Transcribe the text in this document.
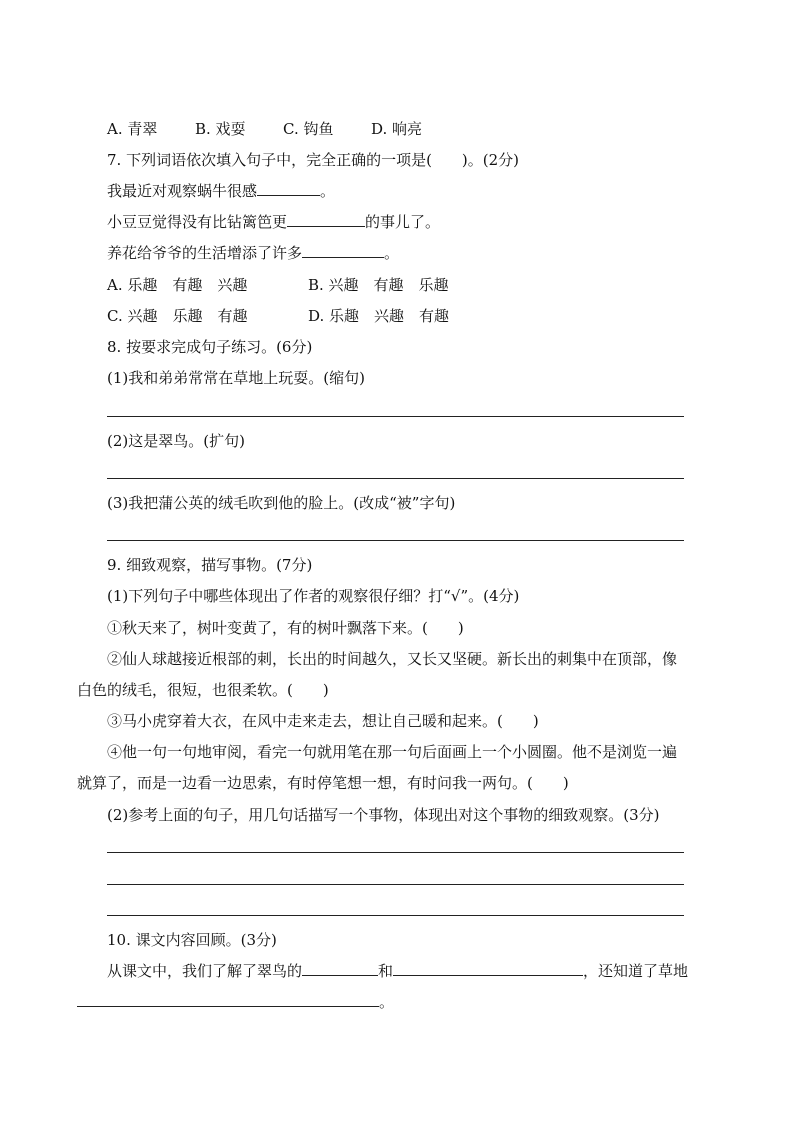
A. 青翠	B. 戏耍 C. 钩鱼	D. 响亮
7. 下列词语依次填入句子中，完全正确的一项是(　　)。(2分)
我最近对观察蜗牛很感	。
小豆豆觉得没有比钻篱笆更	的事儿了。
养花给爷爷的生活增添了许多	。
A. 乐趣　有趣　兴趣	B. 兴趣　有趣　乐趣
C. 兴趣　乐趣　有趣	D. 乐趣　兴趣　有趣
8. 按要求完成句子练习。(6分)
(1)我和弟弟常常在草地上玩耍。(缩句)
(2)这是翠鸟。(扩句)
(3)我把蒲公英的绒毛吹到他的脸上。(改成“被”字句)
9. 细致观察，描写事物。(7分)
(1)下列句子中哪些体现出了作者的观察很仔细？打“√”。(4分)
①秋天来了，树叶变黄了，有的树叶飘落下来。(　　)
②仙人球越接近根部的刺，长出的时间越久，又长又坚硬。新长出的刺集中在顶部，像
白色的绒毛，很短，也很柔软。(　　)
③马小虎穿着大衣，在风中走来走去，想让自己暖和起来。(　　)
④他一句一句地审阅，看完一句就用笔在那一句后面画上一个小圆圈。他不是浏览一遍
就算了，而是一边看一边思索，有时停笔想一想，有时问我一两句。(　　)
(2)参考上面的句子，用几句话描写一个事物，体现出对这个事物的细致观察。(3分)
10. 课文内容回顾。(3分)
从课文中，我们了解了翠鸟的	和	，还知道了草地
。
